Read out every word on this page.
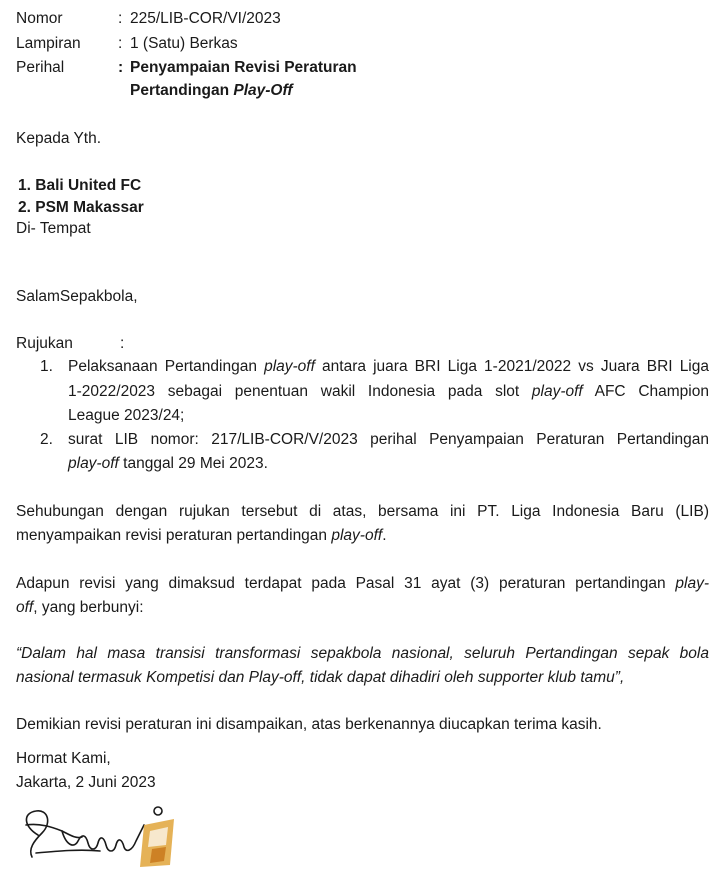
Nomor	: 225/LIB-COR/VI/2023
Lampiran	: 1 (Satu) Berkas
Perihal	: Penyampaian Revisi Peraturan
Pertandingan Play-Off
Kepada Yth.
1. Bali United FC
2. PSM Makassar
Di- Tempat
SalamSepakbola,
Rujukan	:
1. Pelaksanaan Pertandingan play-off antara juara BRI Liga 1-2021/2022 vs Juara BRI Liga
1-2022/2023 sebagai penentuan wakil Indonesia pada slot play-off AFC Champion
League 2023/24;
2. surat LIB nomor: 217/LIB-COR/V/2023 perihal Penyampaian Peraturan Pertandingan
play-off tanggal 29 Mei 2023.
Sehubungan dengan rujukan tersebut di atas, bersama ini PT. Liga Indonesia Baru (LIB)
menyampaikan revisi peraturan pertandingan play-off.
Adapun revisi yang dimaksud terdapat pada Pasal 31 ayat (3) peraturan pertandingan play-
off, yang berbunyi:
“Dalam hal masa transisi transformasi sepakbola nasional, seluruh Pertandingan sepak bola
nasional termasuk Kompetisi dan Play-off, tidak dapat dihadiri oleh supporter klub tamu”,
Demikian revisi peraturan ini disampaikan, atas berkenannya diucapkan terima kasih.
Hormat Kami,
Jakarta, 2 Juni 2023
